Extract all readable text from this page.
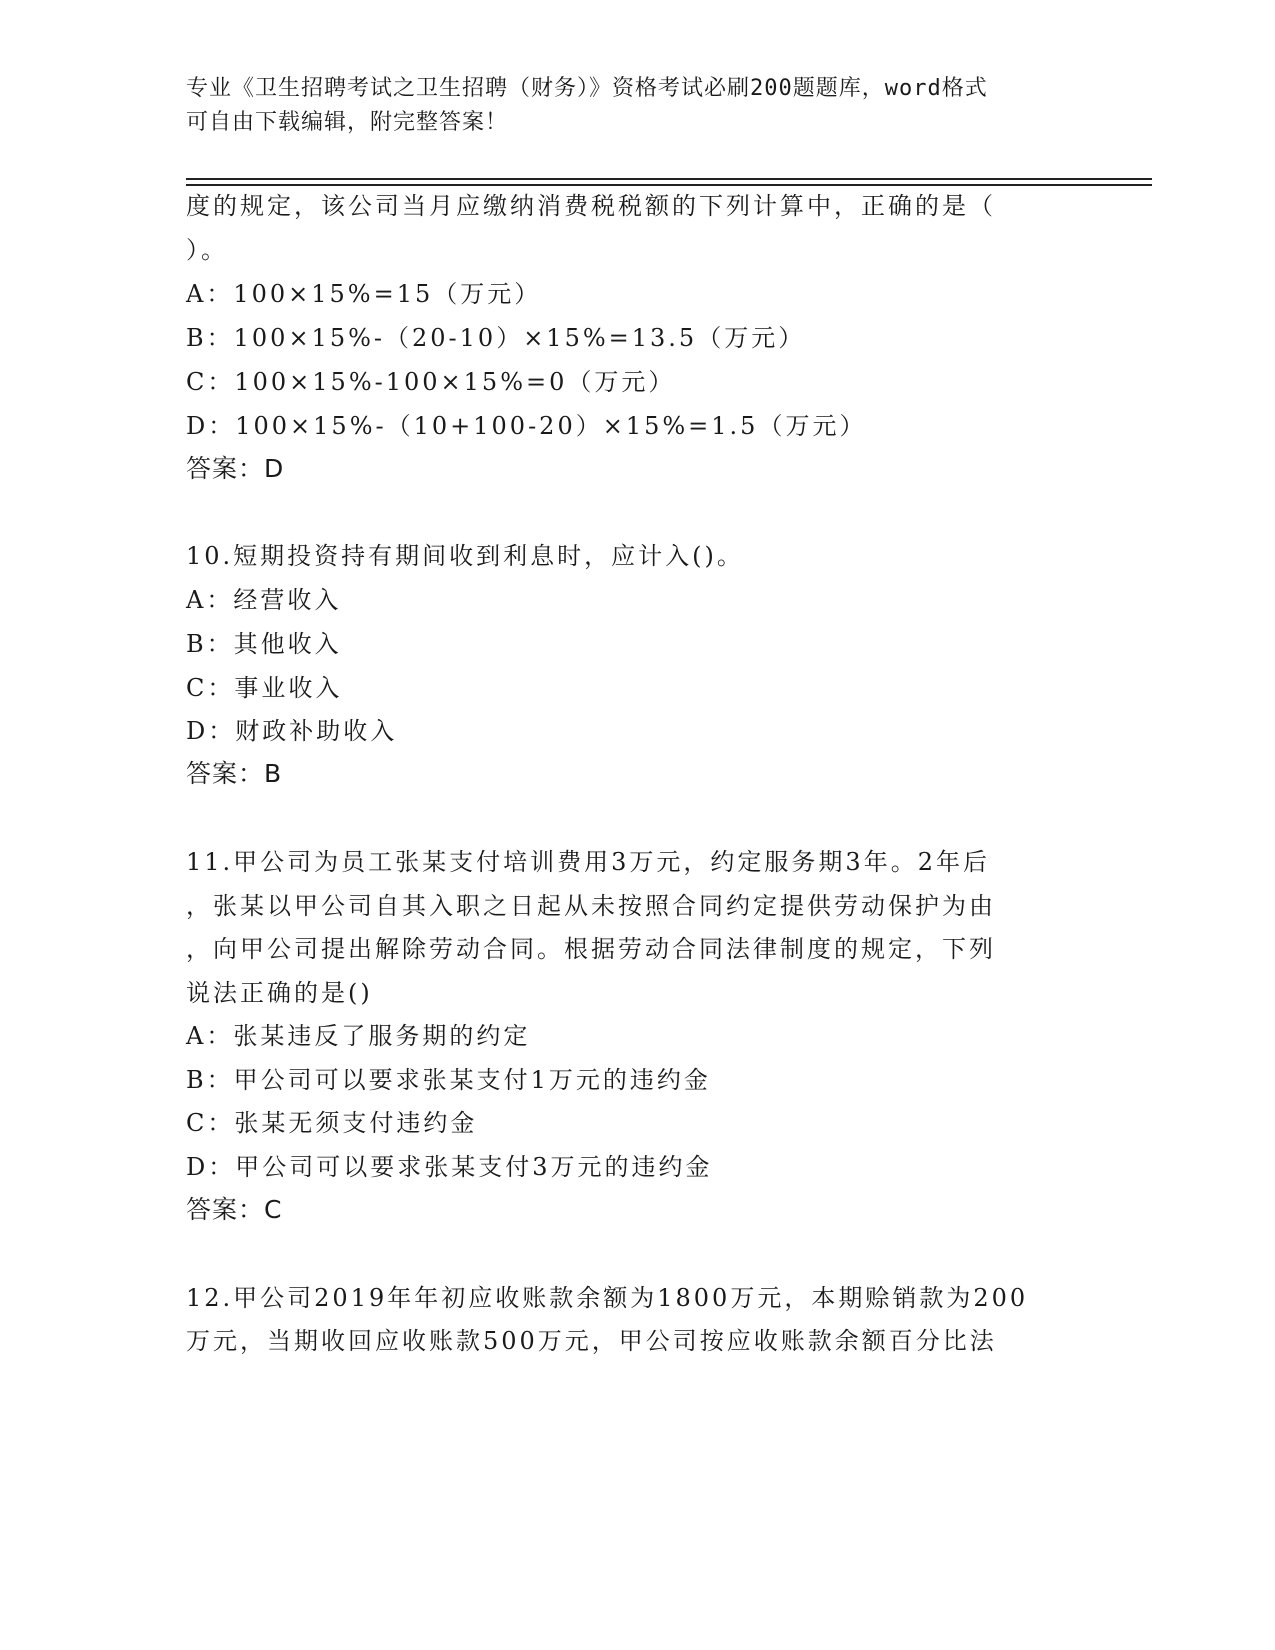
专业《卫生招聘考试之卫生招聘（财务）》资格考试必刷200题题库，word格式
可自由下载编辑，附完整答案！
度的规定，该公司当月应缴纳消费税税额的下列计算中，正确的是（
）。
A：100×15%=15（万元）
B：100×15%-（20-10）×15%=13.5（万元）
C：100×15%-100×15%=0（万元）
D：100×15%-（10+100-20）×15%=1.5（万元）
答案：D
10.短期投资持有期间收到利息时，应计入()。
A：经营收入
B：其他收入
C：事业收入
D：财政补助收入
答案：B
11.甲公司为员工张某支付培训费用3万元，约定服务期3年。2年后
，张某以甲公司自其入职之日起从未按照合同约定提供劳动保护为由
，向甲公司提出解除劳动合同。根据劳动合同法律制度的规定，下列
说法正确的是()
A：张某违反了服务期的约定
B：甲公司可以要求张某支付1万元的违约金
C：张某无须支付违约金
D：甲公司可以要求张某支付3万元的违约金
答案：C
12.甲公司2019年年初应收账款余额为1800万元，本期赊销款为200
万元，当期收回应收账款500万元，甲公司按应收账款余额百分比法
